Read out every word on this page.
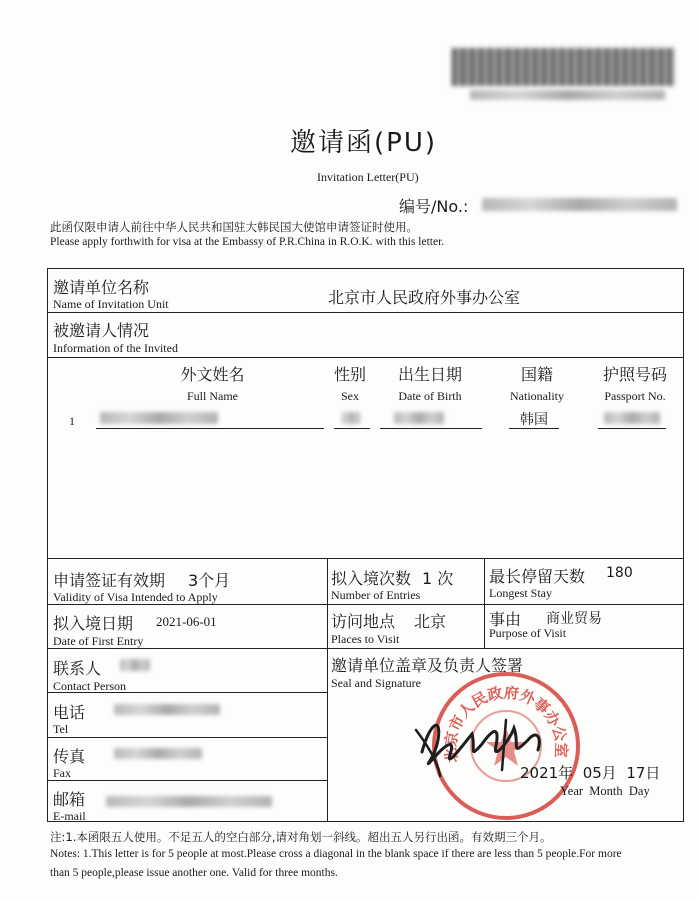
邀请函(PU)
Invitation Letter(PU)
编号/No.:
此函仅限申请人前往中华人民共和国驻大韩民国大使馆申请签证时使用。
Please apply forthwith for visa at the Embassy of P.R.China in R.O.K. with this letter.
邀请单位名称
Name of Invitation Unit	北京市人民政府外事办公室
被邀请人情况
Information of the Invited
外文姓名
Full Name
性别
Sex
出生日期
Date of Birth
国籍
Nationality
护照号码
Passport No.
1	韩国
申请签证有效期 3个月
Validity of Visa Intended to Apply
拟入境次数 1 次
Number of Entries
最长停留天数 180
Longest Stay
拟入境日期 2021-06-01
Date of First Entry
访问地点 北京
Places to Visit
事由 商业贸易
Purpose of Visit
联系人
Contact Person
电话
Tel
传真
Fax
邮箱
E-mail
邀请单位盖章及负责人签署
Seal and Signature
北京市人民政府外事办公室
2021年  05月  17日
Year  Month  Day
注:1.本函限五人使用。不足五人的空白部分,请对角划一斜线。超出五人另行出函。有效期三个月。
Notes: 1.This letter is for 5 people at most.Please cross a diagonal in the blank space if there are less than 5 people.For more
than 5 people,please issue another one. Valid for three months.
